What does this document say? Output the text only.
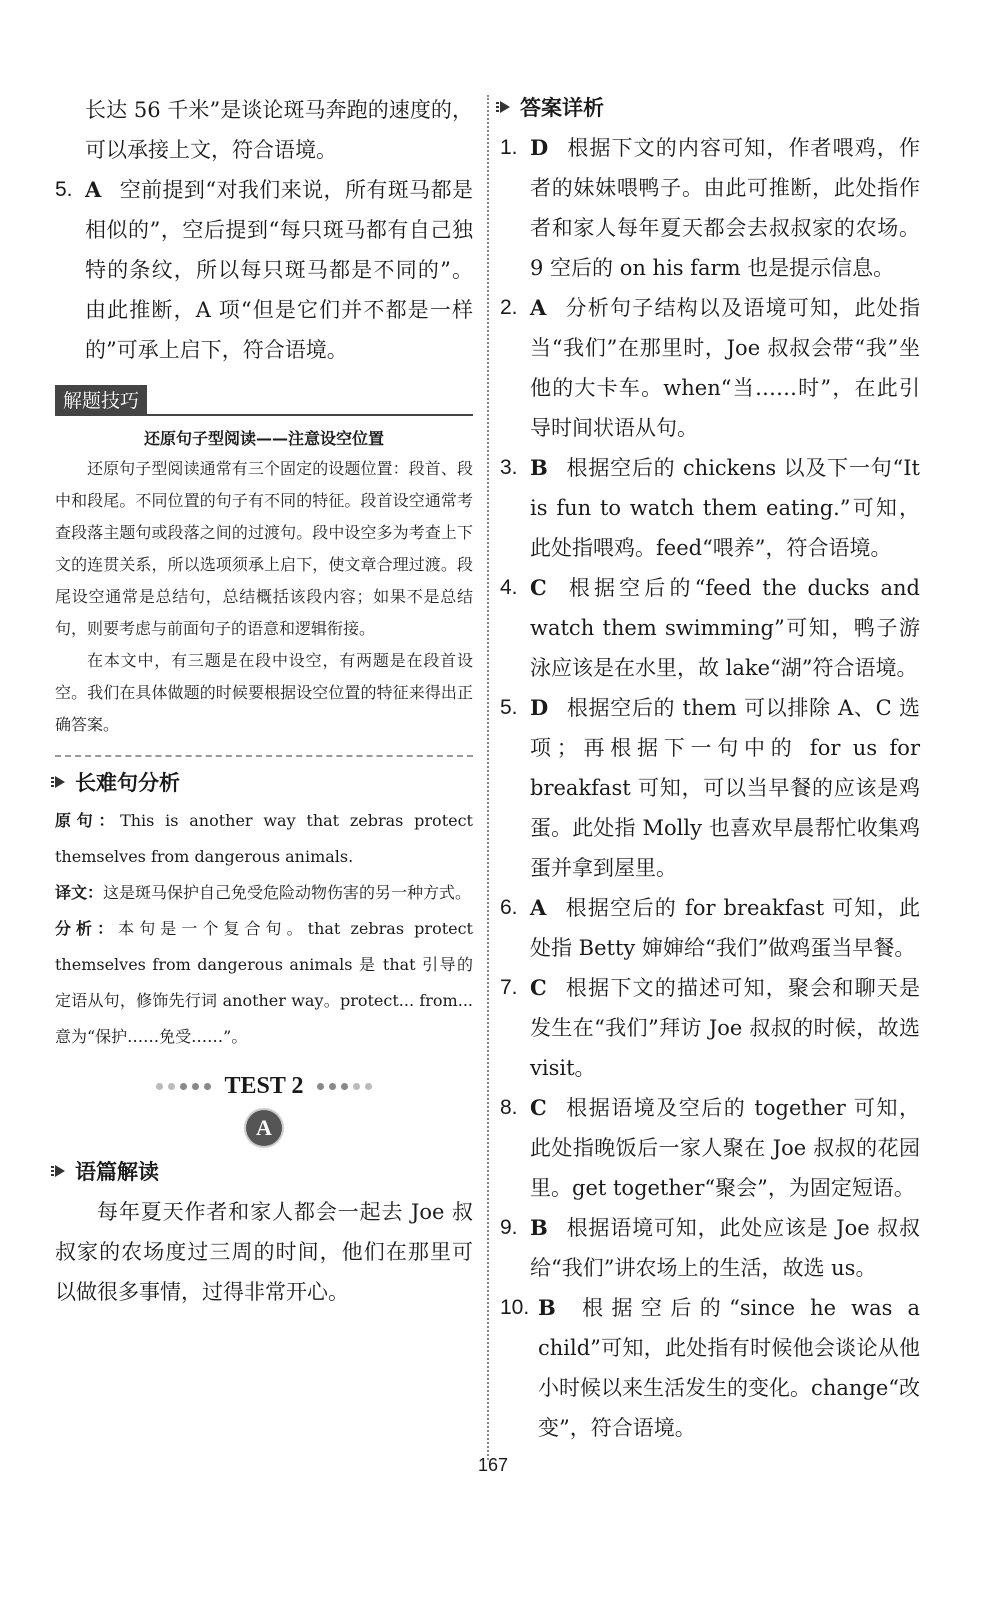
长达 56 千米”是谈论斑马奔跑的速度的，可以承接上文，符合语境。

5. A 空前提到“对我们来说，所有斑马都是相似的”，空后提到“每只斑马都有自己独特的条纹，所以每只斑马都是不同的”。由此推断，A 项“但是它们并不都是一样的”可承上启下，符合语境。
解题技巧

还原句子型阅读——注意设空位置

还原句子型阅读通常有三个固定的设题位置：段首、段中和段尾。不同位置的句子有不同的特征。段首设空通常考查段落主题句或段落之间的过渡句。段中设空多为考查上下文的连贯关系，所以选项须承上启下，使文章合理过渡。段尾设空通常是总结句，总结概括该段内容；如果不是总结句，则要考虑与前面句子的语意和逻辑衔接。

在本文中，有三题是在段中设空，有两题是在段首设空。我们在具体做题的时候要根据设空位置的特征来得出正确答案。

长难句分析

原句：This is another way that zebras protect themselves from dangerous animals.

译文：这是斑马保护自己免受危险动物伤害的另一种方式。

分析：本句是一个复合句。that zebras protect themselves from dangerous animals 是 that 引导的定语从句，修饰先行词 another way。protect... from... 意为“保护……免受……”。

TEST 2
A
语篇解读

每年夏天作者和家人都会一起去 Joe 叔叔家的农场度过三周的时间，他们在那里可以做很多事情，过得非常开心。

答案详析
1. D 根据下文的内容可知，作者喂鸡，作者的妹妹喂鸭子。由此可推断，此处指作者和家人每年夏天都会去叔叔家的农场。9 空后的 on his farm 也是提示信息。
2. A 分析句子结构以及语境可知，此处指当“我们”在那里时，Joe 叔叔会带“我”坐他的大卡车。when“当……时”，在此引导时间状语从句。
3. B 根据空后的 chickens 以及下一句“It is fun to watch them eating.”可知，此处指喂鸡。feed“喂养”，符合语境。
4. C 根据空后的“feed the ducks and watch them swimming”可知，鸭子游泳应该是在水里，故 lake“湖”符合语境。
5. D 根据空后的 them 可以排除 A、C 选项；再根据下一句中的 for us for breakfast 可知，可以当早餐的应该是鸡蛋。此处指 Molly 也喜欢早晨帮忙收集鸡蛋并拿到屋里。
6. A 根据空后的 for breakfast 可知，此处指 Betty 婶婶给“我们”做鸡蛋当早餐。
7. C 根据下文的描述可知，聚会和聊天是发生在“我们”拜访 Joe 叔叔的时候，故选 visit。
8. C 根据语境及空后的 together 可知，此处指晚饭后一家人聚在 Joe 叔叔的花园里。get together“聚会”，为固定短语。
9. B 根据语境可知，此处应该是 Joe 叔叔给“我们”讲农场上的生活，故选 us。
10. B 根据空后的“since he was a child”可知，此处指有时候他会谈论从他小时候以来生活发生的变化。change“改变”，符合语境。
167
